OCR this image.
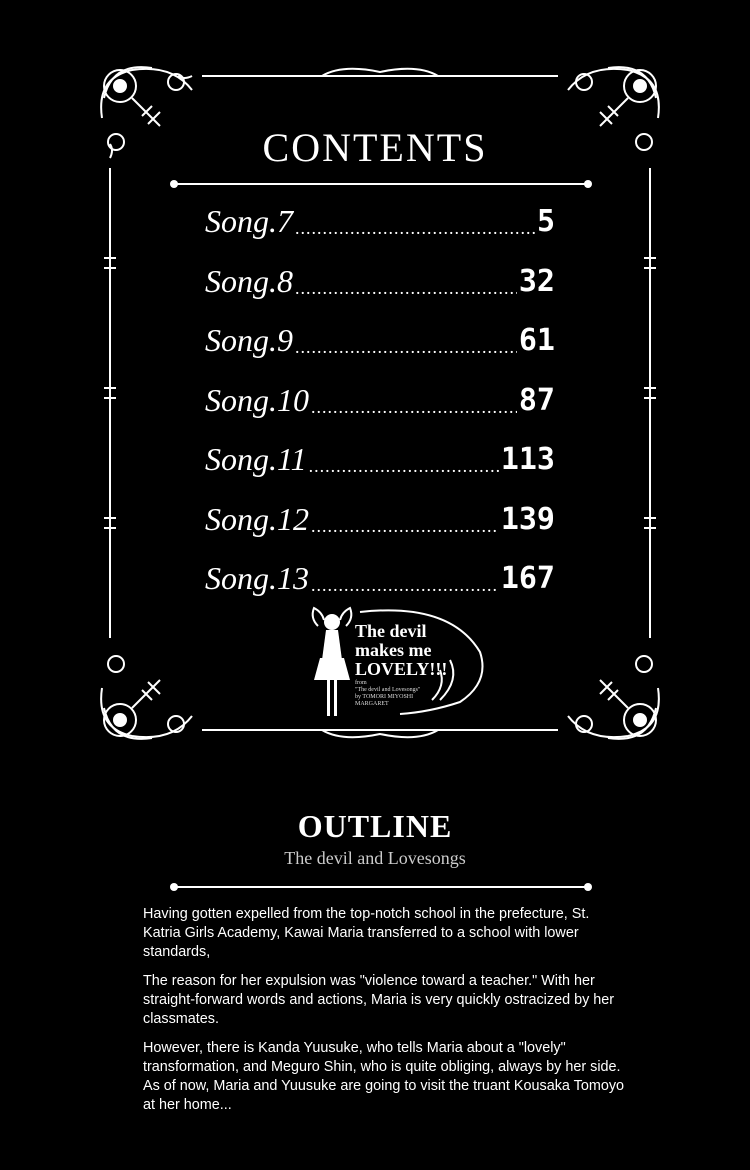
CONTENTS
Song.7 .....	5
Song.8 .....	32
Song.9 .....	61
Song.10 .....	87
Song.11 .....	113
Song.12 .....	139
Song.13 .....	167
The devil
makes me
LOVELY!!!
from
"The devil and Lovesongs"
by TOMORI MIYOSHI
MARGARET
OUTLINE
The devil and Lovesongs

Having gotten expelled from the top-notch school in the prefecture, St. Katria Girls Academy, Kawai Maria transferred to a school with lower standards,

The reason for her expulsion was "violence toward a teacher." With her straight-forward words and actions, Maria is very quickly ostracized by her classmates.

However, there is Kanda Yuusuke, who tells Maria about a "lovely" transformation, and Meguro Shin, who is quite obliging, always by her side. As of now, Maria and Yuusuke are going to visit the truant Kousaka Tomoyo at her home...
